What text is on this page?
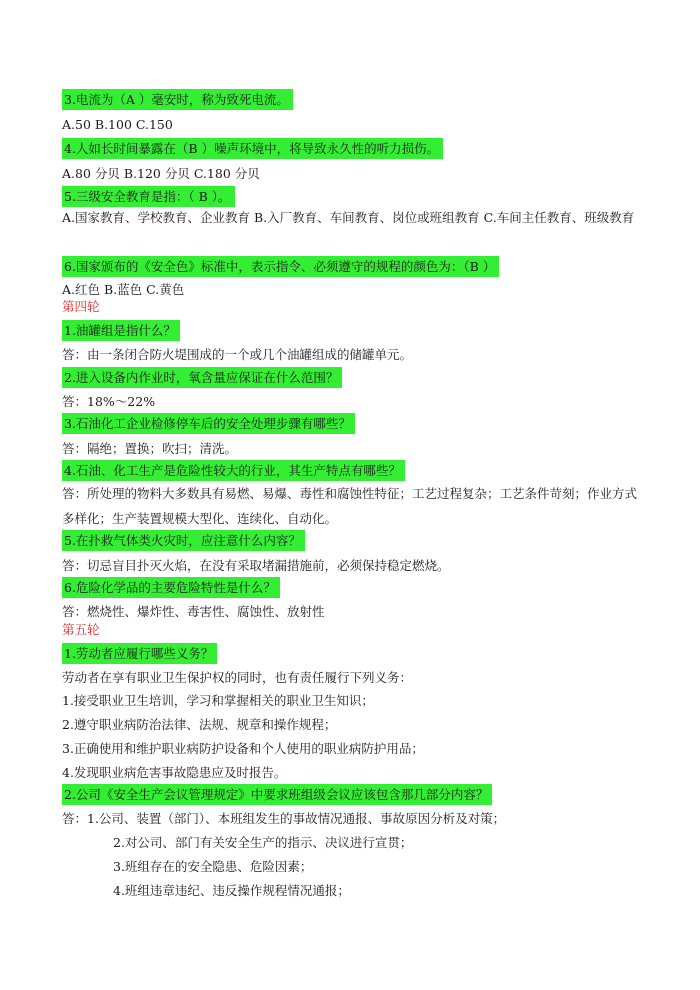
3.电流为（A ）毫安时，称为致死电流。
A.50 B.100 C.150
4.人如长时间暴露在（B ）噪声环境中，将导致永久性的听力损伤。
A.80 分贝 B.120 分贝 C.180 分贝
5.三级安全教育是指：（ B ）。
A.国家教育、学校教育、企业教育 B.入厂教育、车间教育、岗位或班组教育 C.车间主任教育、班级教育
6.国家颁布的《安全色》标准中，表示指令、必须遵守的规程的颜色为：（B ）
A.红色 B.蓝色 C.黄色
第四轮
1.油罐组是指什么？
答：由一条闭合防火堤围成的一个或几个油罐组成的储罐单元。
2.进入设备内作业时，氧含量应保证在什么范围？
答：18%～22%
3.石油化工企业检修停车后的安全处理步骤有哪些？
答：隔绝；置换；吹扫；清洗。
4.石油、化工生产是危险性较大的行业，其生产特点有哪些？
答：所处理的物料大多数具有易燃、易爆、毒性和腐蚀性特征；工艺过程复杂；工艺条件苛刻；作业方式多样化；生产装置规模大型化、连续化、自动化。
5.在扑救气体类火灾时，应注意什么内容？
答：切忌盲目扑灭火焰，在没有采取堵漏措施前，必须保持稳定燃烧。
6.危险化学品的主要危险特性是什么？
答：燃烧性、爆炸性、毒害性、腐蚀性、放射性
第五轮
1.劳动者应履行哪些义务？
劳动者在享有职业卫生保护权的同时，也有责任履行下列义务：
1.接受职业卫生培训，学习和掌握相关的职业卫生知识；
2.遵守职业病防治法律、法规、规章和操作规程；
3.正确使用和维护职业病防护设备和个人使用的职业病防护用品；
4.发现职业病危害事故隐患应及时报告。
2.公司《安全生产会议管理规定》中要求班组级会议应该包含那几部分内容？
答：1.公司、装置（部门）、本班组发生的事故情况通报、事故原因分析及对策；
2.对公司、部门有关安全生产的指示、决议进行宣贯；
3.班组存在的安全隐患、危险因素；
4.班组违章违纪、违反操作规程情况通报；
